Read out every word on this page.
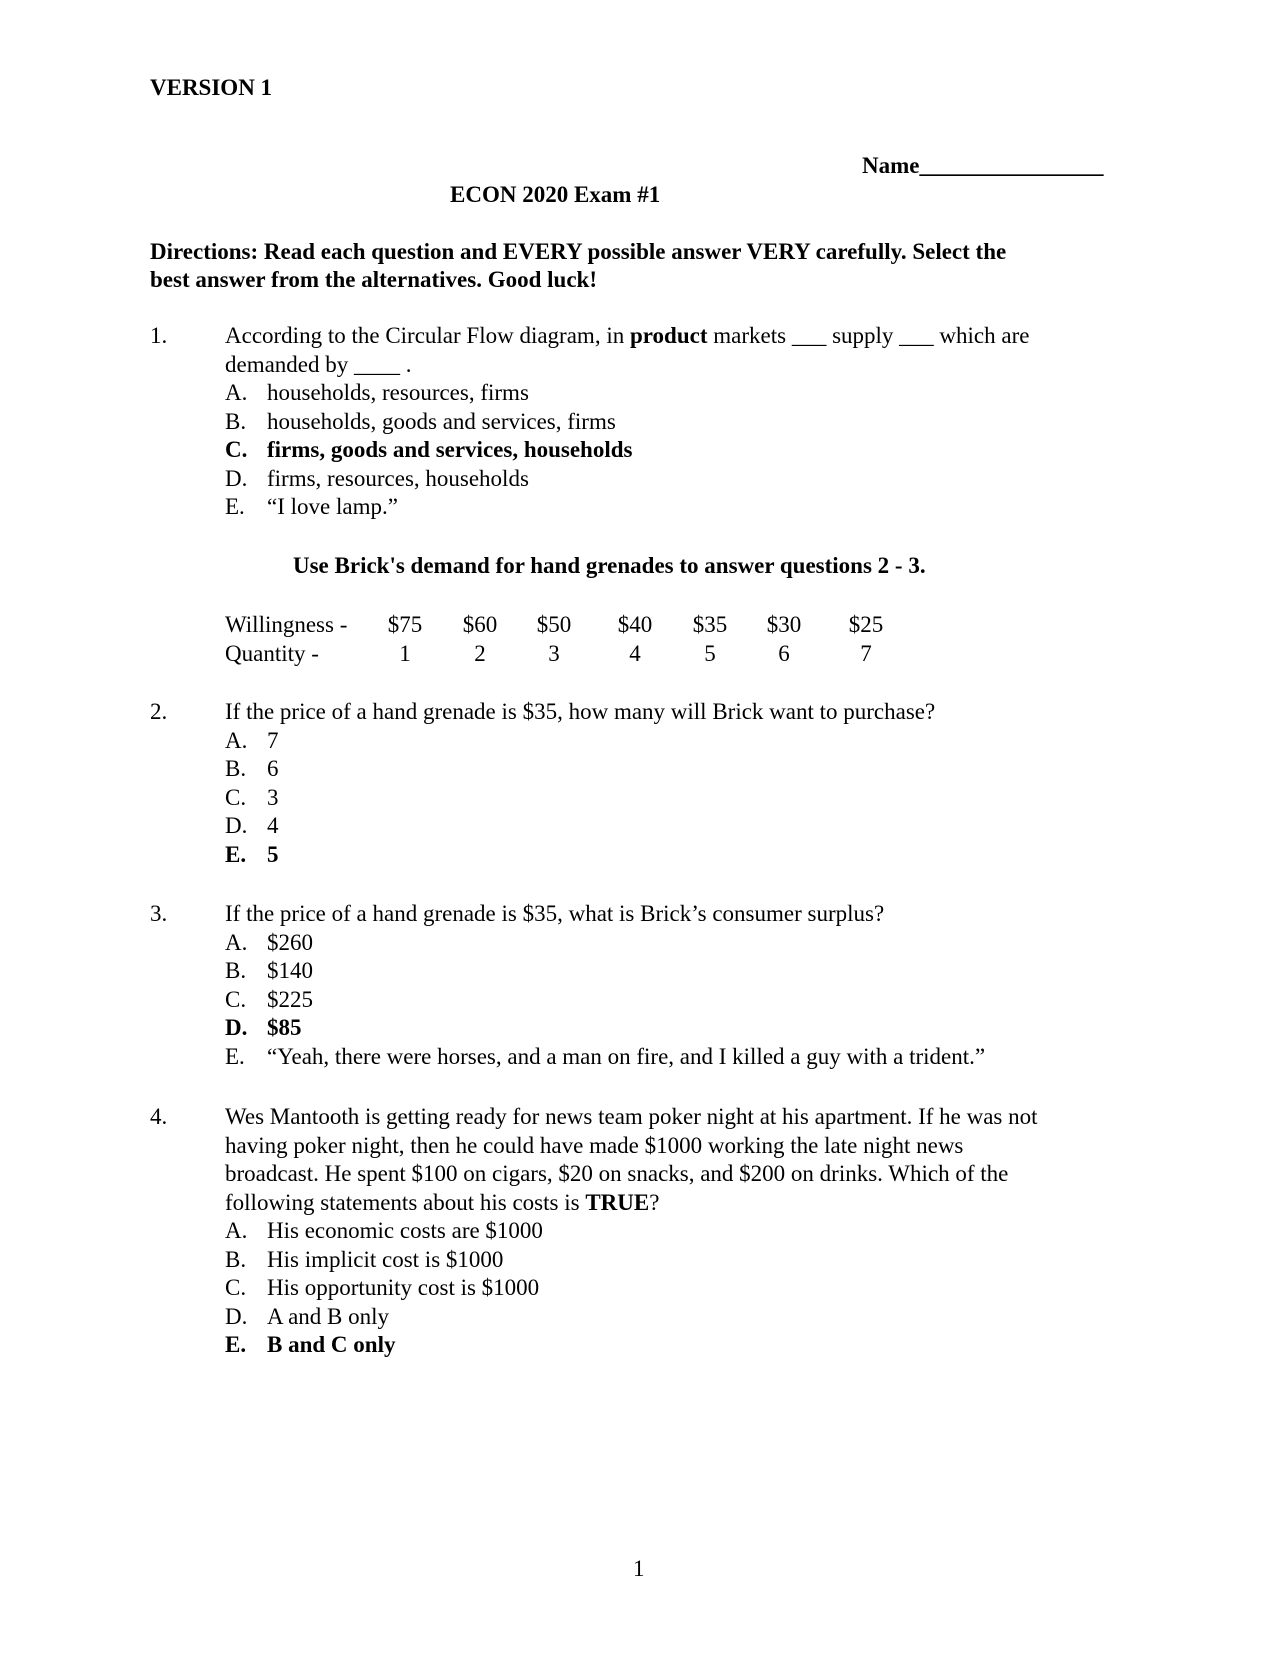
VERSION 1
Name________________
ECON 2020 Exam #1
Directions: Read each question and EVERY possible answer VERY carefully. Select the
best answer from the alternatives. Good luck!
1.	According to the Circular Flow diagram, in product markets ___ supply ___ which are
demanded by ____ .
A. households, resources, firms
B. households, goods and services, firms
C. firms, goods and services, households
D. firms, resources, households
E. “I love lamp.”
Use Brick's demand for hand grenades to answer questions 2 - 3.
Willingness -	$75	$60	$50	$40	$35	$30	$25
Quantity -	1	2	3	4	5	6	7
2.	If the price of a hand grenade is $35, how many will Brick want to purchase?
A. 7
B. 6
C. 3
D. 4
E. 5
3.	If the price of a hand grenade is $35, what is Brick’s consumer surplus?
A. $260
B. $140
C. $225
D. $85
E. “Yeah, there were horses, and a man on fire, and I killed a guy with a trident.”
4.	Wes Mantooth is getting ready for news team poker night at his apartment. If he was not
having poker night, then he could have made $1000 working the late night news
broadcast. He spent $100 on cigars, $20 on snacks, and $200 on drinks. Which of the
following statements about his costs is TRUE?
A. His economic costs are $1000
B. His implicit cost is $1000
C. His opportunity cost is $1000
D. A and B only
E. B and C only
1
